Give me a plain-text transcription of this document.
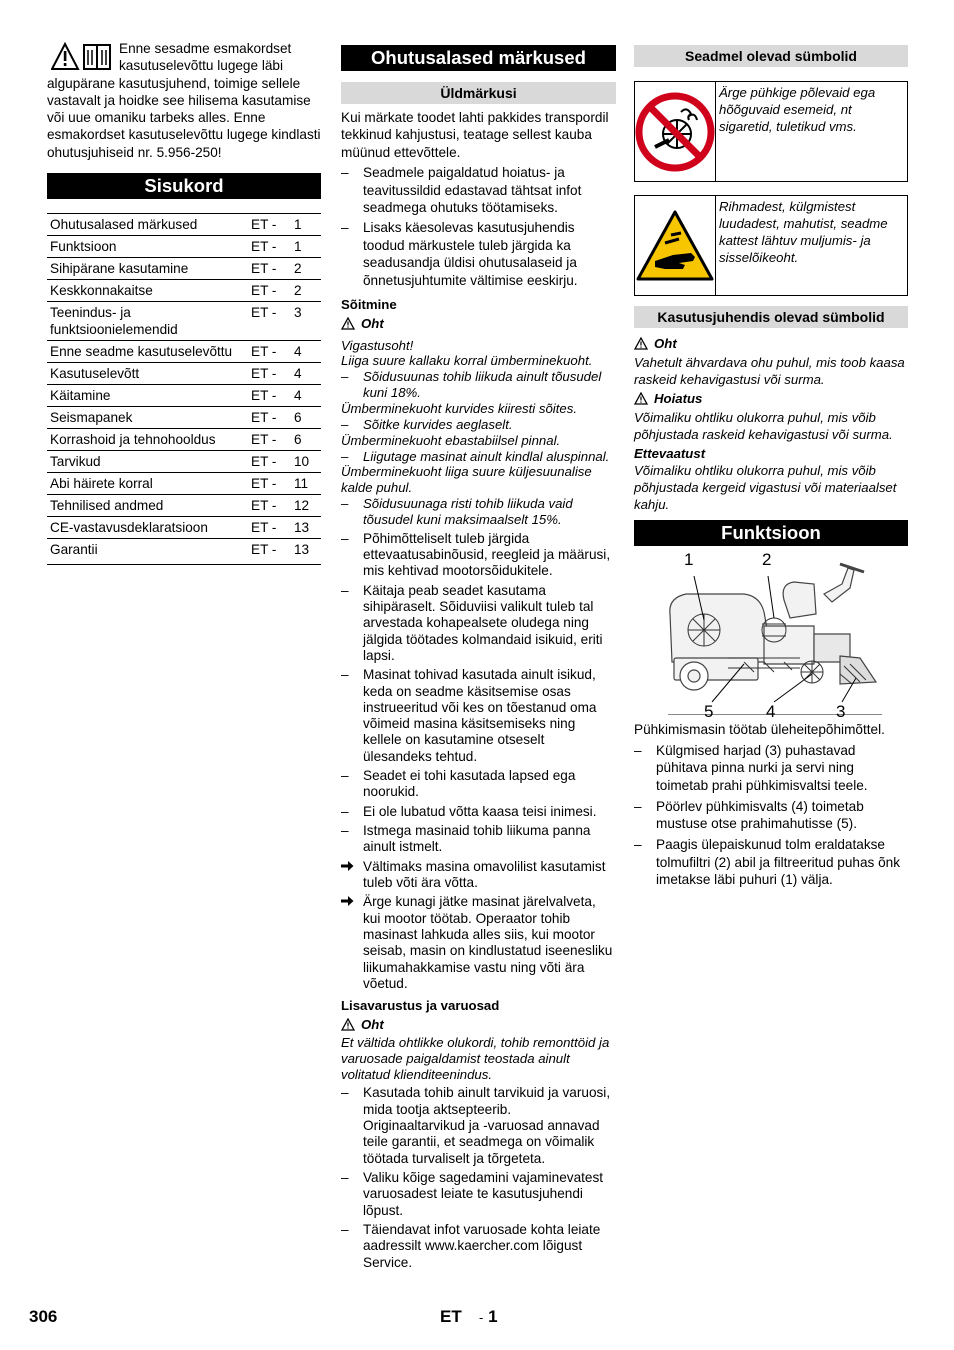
Enne sesadme esmakordset kasutuselevõttu lugege läbi algupärane kasutusjuhend, toimige sellele vastavalt ja hoidke see hilisema kasutamise või uue omaniku tarbeks alles. Enne esmakordset kasutuselevõttu lugege kindlasti ohutusjuhiseid nr. 5.956-250!

Sisukord
Ohutusalased märkused	ET -	1
Funktsioon	ET -	1
Sihipärane kasutamine	ET -	2
Keskkonnakaitse	ET -	2
Teenindus- ja funktsioonielemendid	ET -	3
Enne seadme kasutuselevõttu	ET -	4
Kasutuselevõtt	ET -	4
Käitamine	ET -	4
Seismapanek	ET -	6
Korrashoid ja tehnohooldus	ET -	6
Tarvikud	ET -	10
Abi häirete korral	ET -	11
Tehnilised andmed	ET -	12
CE-vastavusdeklaratsioon	ET -	13
Garantii	ET -	13
Ohutusalased märkused
Üldmärkusi

Kui märkate toodet lahti pakkides transpordil tekkinud kahjustusi, teatage sellest kauba müünud ettevõttele.

– Seadmele paigaldatud hoiatus- ja teavitussildid edastavad tähtsat infot seadmega ohutuks töötamiseks.

– Lisaks käesolevas kasutusjuhendis toodud märkustele tuleb järgida ka seadusandja üldisi ohutusalaseid ja õnnetusjuhtumite vältimise eeskirju.

Sõitmine

Oht

Vigastusoht!

Liiga suure kallaku korral ümberminekuoht.

– Sõidusuunas tohib liikuda ainult tõusudel kuni 18%.

Ümberminekuoht kurvides kiiresti sõites.

– Sõitke kurvides aeglaselt.

Ümberminekuoht ebastabiilsel pinnal.

– Liigutage masinat ainult kindlal aluspinnal.

Ümberminekuoht liiga suure küljesuunalise kalde puhul.

– Sõidusuunaga risti tohib liikuda vaid tõusudel kuni maksimaalselt 15%.

– Põhimõtteliselt tuleb järgida ettevaatusabinõusid, reegleid ja määrusi, mis kehtivad mootorsõidukitele.

– Käitaja peab seadet kasutama sihipäraselt. Sõiduviisi valikult tuleb tal arvestada kohapealsete oludega ning jälgida töötades kolmandaid isikuid, eriti lapsi.

– Masinat tohivad kasutada ainult isikud, keda on seadme käsitsemise osas instrueeritud või kes on tõestanud oma võimeid masina käsitsemiseks ning kellele on kasutamine otseselt ülesandeks tehtud.

– Seadet ei tohi kasutada lapsed ega noorukid.

– Ei ole lubatud võtta kaasa teisi inimesi.

– Istmega masinaid tohib liikuma panna ainult istmelt.

Vältimaks masina omavolilist kasutamist tuleb võti ära võtta.

Ärge kunagi jätke masinat järelvalveta, kui mootor töötab. Operaator tohib masinast lahkuda alles siis, kui mootor seisab, masin on kindlustatud iseenesliku liikumahakkamise vastu ning võti ära võetud.

Lisavarustus ja varuosad

Oht

Et vältida ohtlikke olukordi, tohib remonttöid ja varuosade paigaldamist teostada ainult volitatud klienditeenindus.

– Kasutada tohib ainult tarvikuid ja varuosi, mida tootja aktsepteerib. Originaaltarvikud ja -varuosad annavad teile garantii, et seadmega on võimalik töötada turvaliselt ja tõrgeteta.

– Valiku kõige sagedamini vajaminevatest varuosadest leiate te kasutusjuhendi lõpust.

– Täiendavat infot varuosade kohta leiate aadressilt www.kaercher.com lõigust Service.

Seadmel olevad sümbolid
Ärge pühkige põlevaid ega hõõguvaid esemeid, nt sigaretid, tuletikud vms.
Rihmadest, külgmistest luudadest, mahutist, seadme kattest lähtuv muljumis- ja sisselõikeoht.
Kasutusjuhendis olevad sümbolid

Oht

Vahetult ähvardava ohu puhul, mis toob kaasa raskeid kehavigastusi või surma.

Hoiatus

Võimaliku ohtliku olukorra puhul, mis võib põhjustada raskeid kehavigastusi või surma.

Ettevaatust

Võimaliku ohtliku olukorra puhul, mis võib põhjustada kergeid vigastusi või materiaalset kahju.

Funktsioon
1	2
5	4	3

Pühkimismasin töötab üleheitepõhimõttel.

– Külgmised harjad (3) puhastavad pühitava pinna nurki ja servi ning toimetab prahi pühkimisvaltsi teele.

– Pöörlev pühkimisvalts (4) toimetab mustuse otse prahimahutisse (5).

– Paagis ülepaiskunud tolm eraldatakse tolmufiltri (2) abil ja filtreeritud puhas õnk imetakse läbi puhuri (1) välja.

306	ET - 1
